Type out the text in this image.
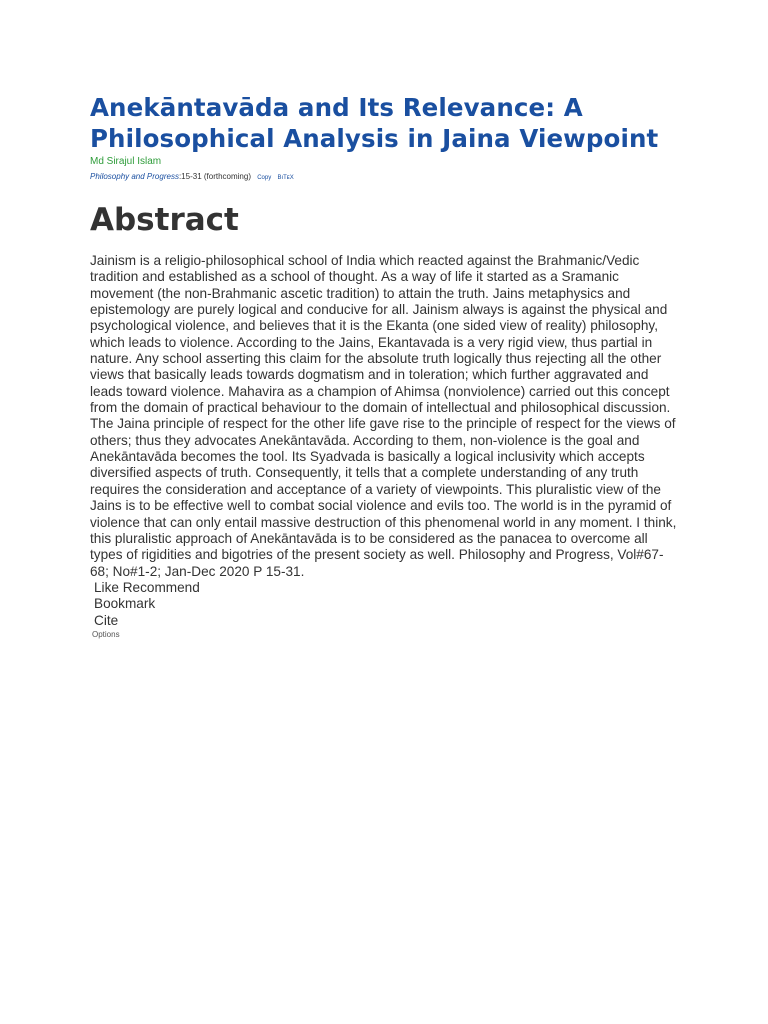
Anekāntavāda and Its Relevance: A Philosophical Analysis in Jaina Viewpoint
Md Sirajul Islam
Philosophy and Progress:15-31 (forthcoming) Copy BıTᴇX
Abstract
Jainism is a religio-philosophical school of India which reacted against the Brahmanic/Vedic tradition and established as a school of thought. As a way of life it started as a Sramanic movement (the non-Brahmanic ascetic tradition) to attain the truth. Jains metaphysics and epistemology are purely logical and conducive for all. Jainism always is against the physical and psychological violence, and believes that it is the Ekanta (one sided view of reality) philosophy, which leads to violence. According to the Jains, Ekantavada is a very rigid view, thus partial in nature. Any school asserting this claim for the absolute truth logically thus rejecting all the other views that basically leads towards dogmatism and in toleration; which further aggravated and leads toward violence. Mahavira as a champion of Ahimsa (nonviolence) carried out this concept from the domain of practical behaviour to the domain of intellectual and philosophical discussion. The Jaina principle of respect for the other life gave rise to the principle of respect for the views of others; thus they advocates Anekāntavāda. According to them, non-violence is the goal and Anekāntavāda becomes the tool. Its Syadvada is basically a logical inclusivity which accepts diversified aspects of truth. Consequently, it tells that a complete understanding of any truth requires the consideration and acceptance of a variety of viewpoints. This pluralistic view of the Jains is to be effective well to combat social violence and evils too. The world is in the pyramid of violence that can only entail massive destruction of this phenomenal world in any moment. I think, this pluralistic approach of Anekāntavāda is to be considered as the panacea to overcome all types of rigidities and bigotries of the present society as well. Philosophy and Progress, Vol#67-68; No#1-2; Jan-Dec 2020 P 15-31.
Like Recommend
Bookmark
Cite
Options
